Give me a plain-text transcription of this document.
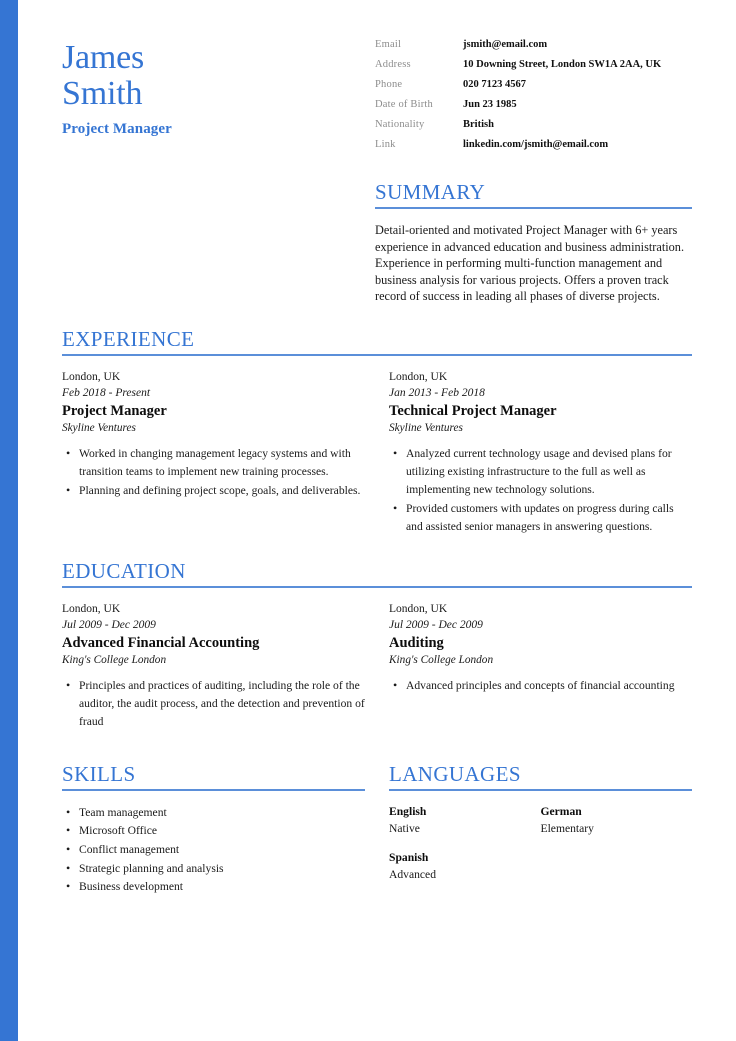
James
Smith
Project Manager
Email	jsmith@email.com
Address	10 Downing Street, London SW1A 2AA, UK
Phone	020 7123 4567
Date of Birth	Jun 23 1985
Nationality	British
Link	linkedin.com/jsmith@email.com
SUMMARY
Detail-oriented and motivated Project Manager with 6+ years experience in advanced education and business administration. Experience in performing multi-function management and business analysis for various projects. Offers a proven track record of success in leading all phases of diverse projects.
EXPERIENCE
London, UK
Feb 2018 - Present
Project Manager
Skyline Ventures
• Worked in changing management legacy systems and with transition teams to implement new training processes.
• Planning and defining project scope, goals, and deliverables.
London, UK
Jan 2013 - Feb 2018
Technical Project Manager
Skyline Ventures
• Analyzed current technology usage and devised plans for utilizing existing infrastructure to the full as well as implementing new technology solutions.
• Provided customers with updates on progress during calls and assisted senior managers in answering questions.
EDUCATION
London, UK
Jul 2009 - Dec 2009
Advanced Financial Accounting
King's College London
• Principles and practices of auditing, including the role of the auditor, the audit process, and the detection and prevention of fraud
London, UK
Jul 2009 - Dec 2009
Auditing
King's College London
• Advanced principles and concepts of financial accounting
SKILLS
• Team management
• Microsoft Office
• Conflict management
• Strategic planning and analysis
• Business development
LANGUAGES
English
Native
German
Elementary
Spanish
Advanced
